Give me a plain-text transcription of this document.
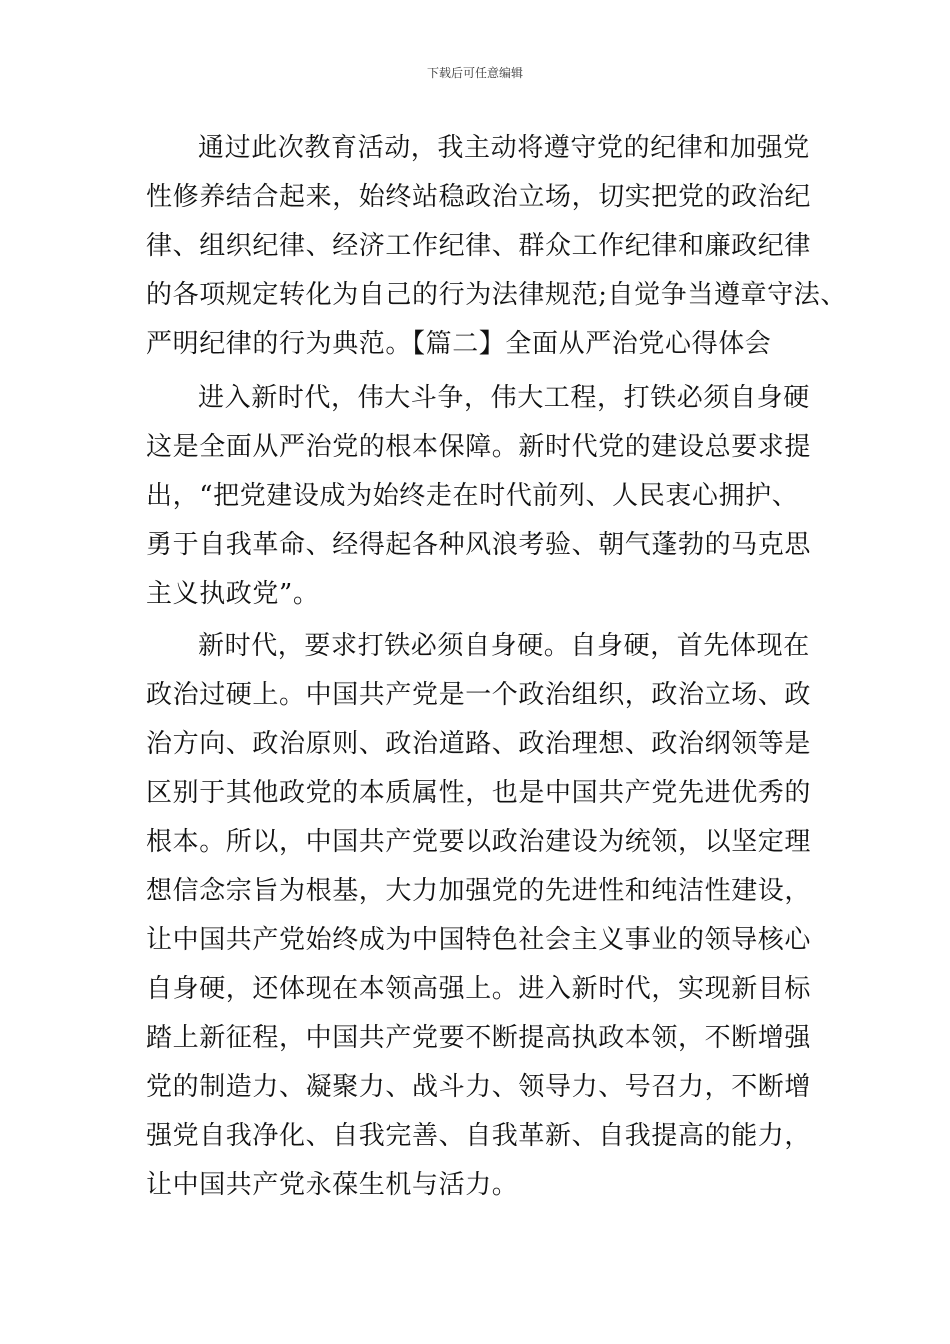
下载后可任意编辑
通过此次教育活动，我主动将遵守党的纪律和加强党
性修养结合起来，始终站稳政治立场，切实把党的政治纪
律、组织纪律、经济工作纪律、群众工作纪律和廉政纪律
的各项规定转化为自己的行为法律规范;自觉争当遵章守法、
严明纪律的行为典范。【篇二】全面从严治党心得体会
进入新时代，伟大斗争，伟大工程，打铁必须自身硬
这是全面从严治党的根本保障。新时代党的建设总要求提
出，“把党建设成为始终走在时代前列、人民衷心拥护、
勇于自我革命、经得起各种风浪考验、朝气蓬勃的马克思
主义执政党”。
新时代，要求打铁必须自身硬。自身硬，首先体现在
政治过硬上。中国共产党是一个政治组织，政治立场、政
治方向、政治原则、政治道路、政治理想、政治纲领等是
区别于其他政党的本质属性，也是中国共产党先进优秀的
根本。所以，中国共产党要以政治建设为统领，以坚定理
想信念宗旨为根基，大力加强党的先进性和纯洁性建设，
让中国共产党始终成为中国特色社会主义事业的领导核心
自身硬，还体现在本领高强上。进入新时代，实现新目标
踏上新征程，中国共产党要不断提高执政本领，不断增强
党的制造力、凝聚力、战斗力、领导力、号召力，不断增
强党自我净化、自我完善、自我革新、自我提高的能力，
让中国共产党永葆生机与活力。
